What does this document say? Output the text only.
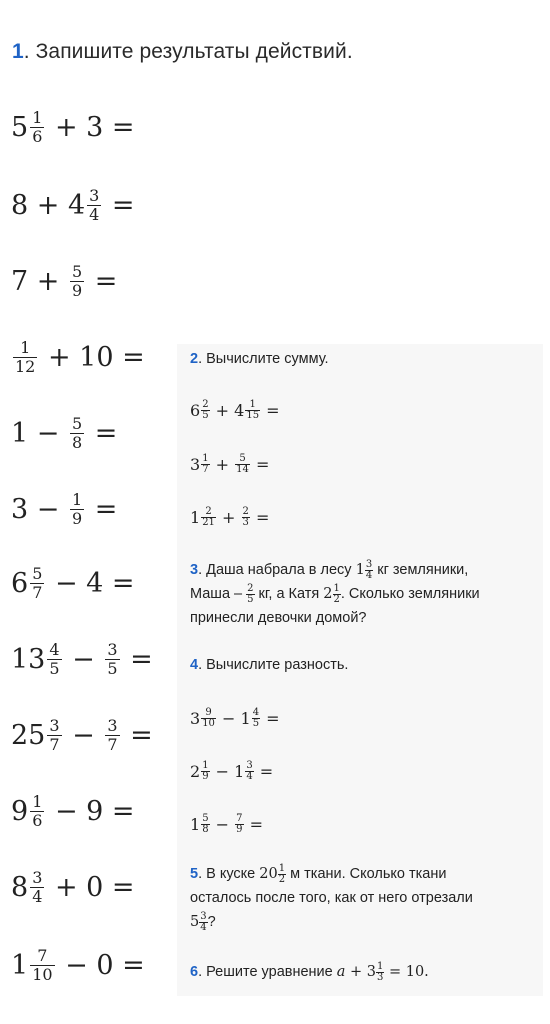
1. Запишите результаты действий.
$5 \frac{1}{6} + 3$ =
$8 + 4 \frac{3}{4}$ =
$7 + \frac{5}{9}$ =
$\frac{1}{12} + 10$ =
$1 - \frac{5}{8}$ =
$3 - \frac{1}{9}$ =
$6 \frac{5}{7} - 4$ =
$13 \frac{4}{5} - \frac{3}{5}$ =
$25 \frac{3}{7} - \frac{3}{7}$ =
$9 \frac{1}{6} - 9$ =
$8 \frac{3}{4} + 0$ =
$1 \frac{7}{10} - 0$ =
2. Вычислите сумму.
$6 \frac{2}{5} + 4 \frac{1}{15}$ =
$3 \frac{1}{7} + \frac{5}{14}$ =
$1 \frac{2}{21} + \frac{2}{3}$ =
3. Даша набрала в лесу $1 \frac{3}{4}$ кг земляники,
Маша – $\frac{2}{5}$ кг, а Катя $2 \frac{1}{2}$ . Сколько земляники
принесли девочки домой?
4. Вычислите разность.
$3 \frac{9}{10} - 1 \frac{4}{5}$ =
$2 \frac{1}{9} - 1 \frac{3}{4}$ =
$1 \frac{5}{8} - \frac{7}{9}$ =
5. В куске $20 \frac{1}{2}$ м ткани. Сколько ткани
осталось после того, как от него отрезали
$5 \frac{3}{4}$ ?
6. Решите уравнение $a + 3 \frac{1}{3} = 10$.
